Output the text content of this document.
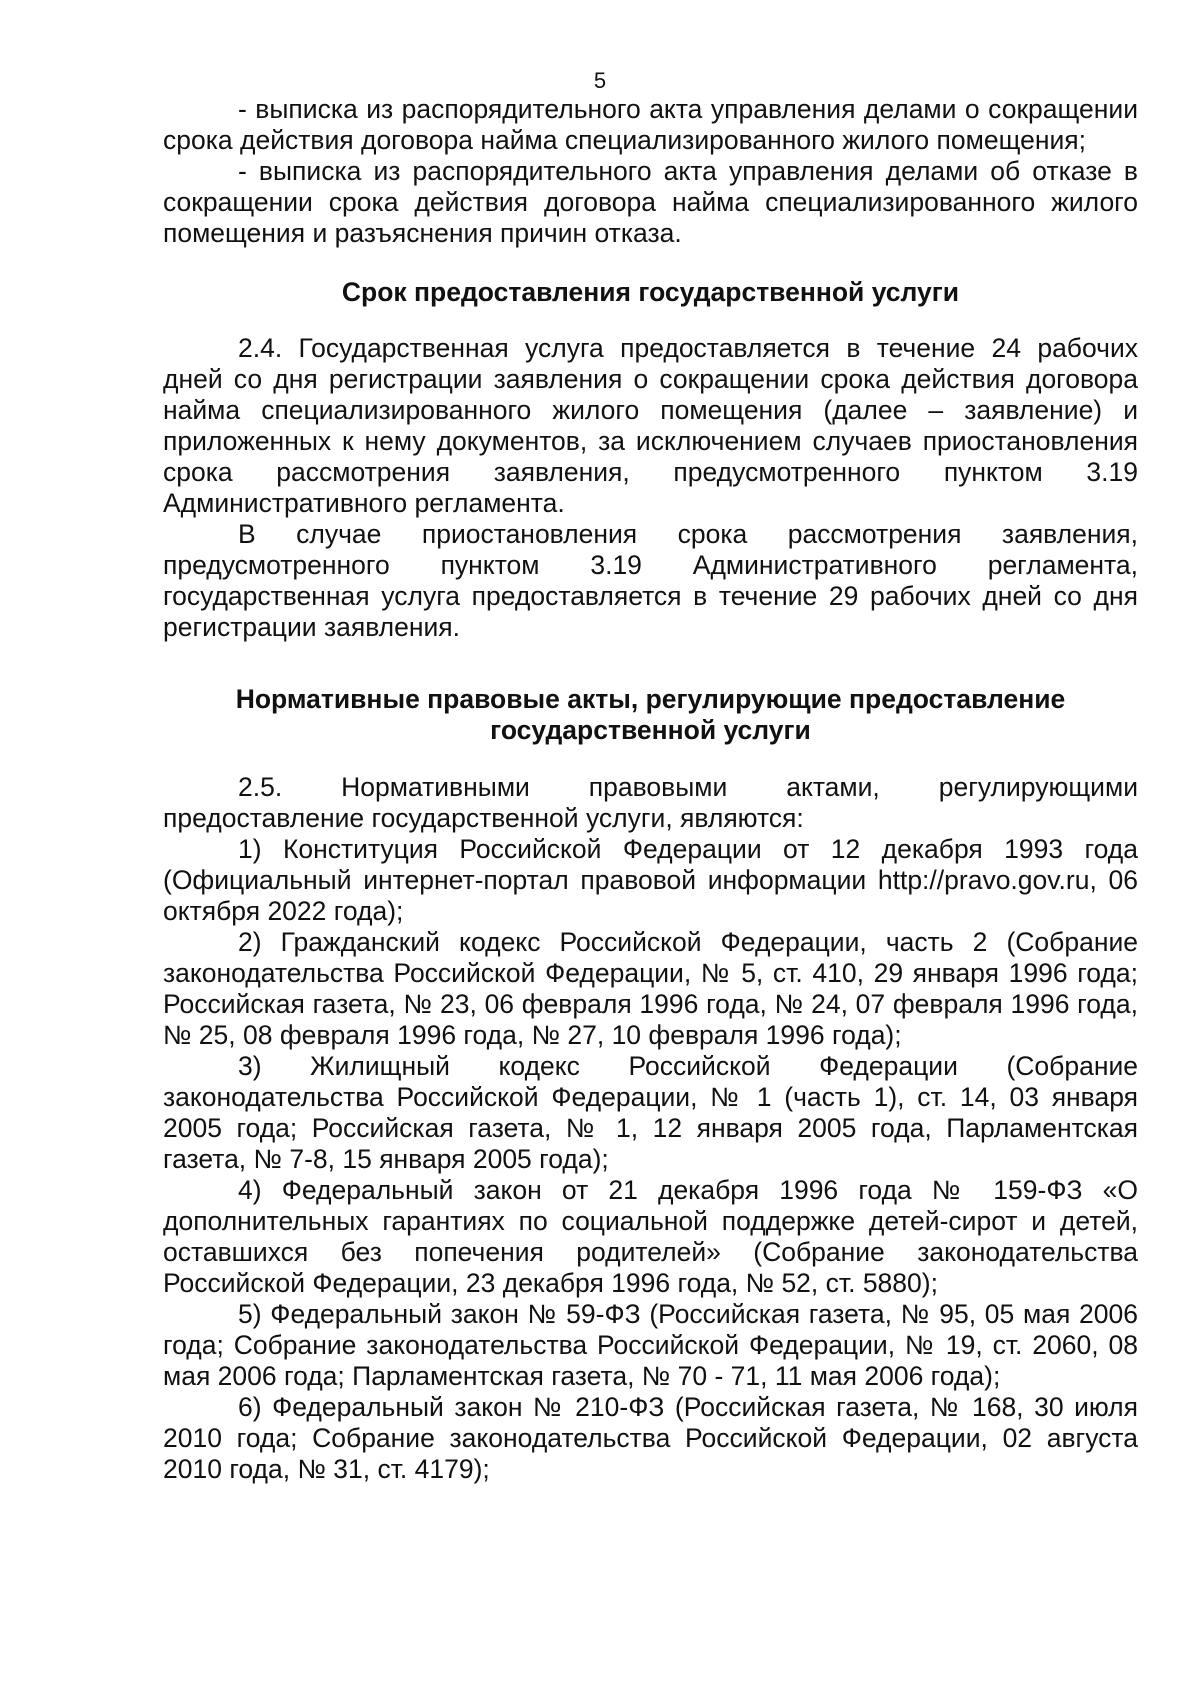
5

- выписка из распорядительного акта управления делами о сокращении срока действия договора найма специализированного жилого помещения;

- выписка из распорядительного акта управления делами об отказе в сокращении срока действия договора найма специализированного жилого помещения и разъяснения причин отказа.

Срок предоставления государственной услуги

2.4. Государственная услуга предоставляется в течение 24 рабочих дней со дня регистрации заявления о сокращении срока действия договора найма специализированного жилого помещения (далее – заявление) и приложенных к нему документов, за исключением случаев приостановления срока рассмотрения заявления, предусмотренного пунктом 3.19 Административного регламента.

В случае приостановления срока рассмотрения заявления, предусмотренного пунктом 3.19 Административного регламента, государственная услуга предоставляется в течение 29 рабочих дней со дня регистрации заявления.

Нормативные правовые акты, регулирующие предоставление
государственной услуги

2.5. Нормативными правовыми актами, регулирующими предоставление государственной услуги, являются:

1) Конституция Российской Федерации от 12 декабря 1993 года (Официальный интернет-портал правовой информации http://pravo.gov.ru, 06 октября 2022 года);

2) Гражданский кодекс Российской Федерации, часть 2 (Собрание законодательства Российской Федерации, № 5, ст. 410, 29 января 1996 года; Российская газета, № 23, 06 февраля 1996 года, № 24, 07 февраля 1996 года, № 25, 08 февраля 1996 года, № 27, 10 февраля 1996 года);

3) Жилищный кодекс Российской Федерации (Собрание законодательства Российской Федерации, № 1 (часть 1), ст. 14, 03 января 2005 года; Российская газета, № 1, 12 января 2005 года, Парламентская газета, № 7-8, 15 января 2005 года);

4) Федеральный закон от 21 декабря 1996 года № 159-ФЗ «О дополнительных гарантиях по социальной поддержке детей-сирот и детей, оставшихся без попечения родителей» (Собрание законодательства Российской Федерации, 23 декабря 1996 года, № 52, ст. 5880);

5) Федеральный закон № 59-ФЗ (Российская газета, № 95, 05 мая 2006 года; Собрание законодательства Российской Федерации, № 19, ст. 2060, 08 мая 2006 года; Парламентская газета, № 70 - 71, 11 мая 2006 года);

6) Федеральный закон № 210-ФЗ (Российская газета, № 168, 30 июля 2010 года; Собрание законодательства Российской Федерации, 02 августа 2010 года, № 31, ст. 4179);
